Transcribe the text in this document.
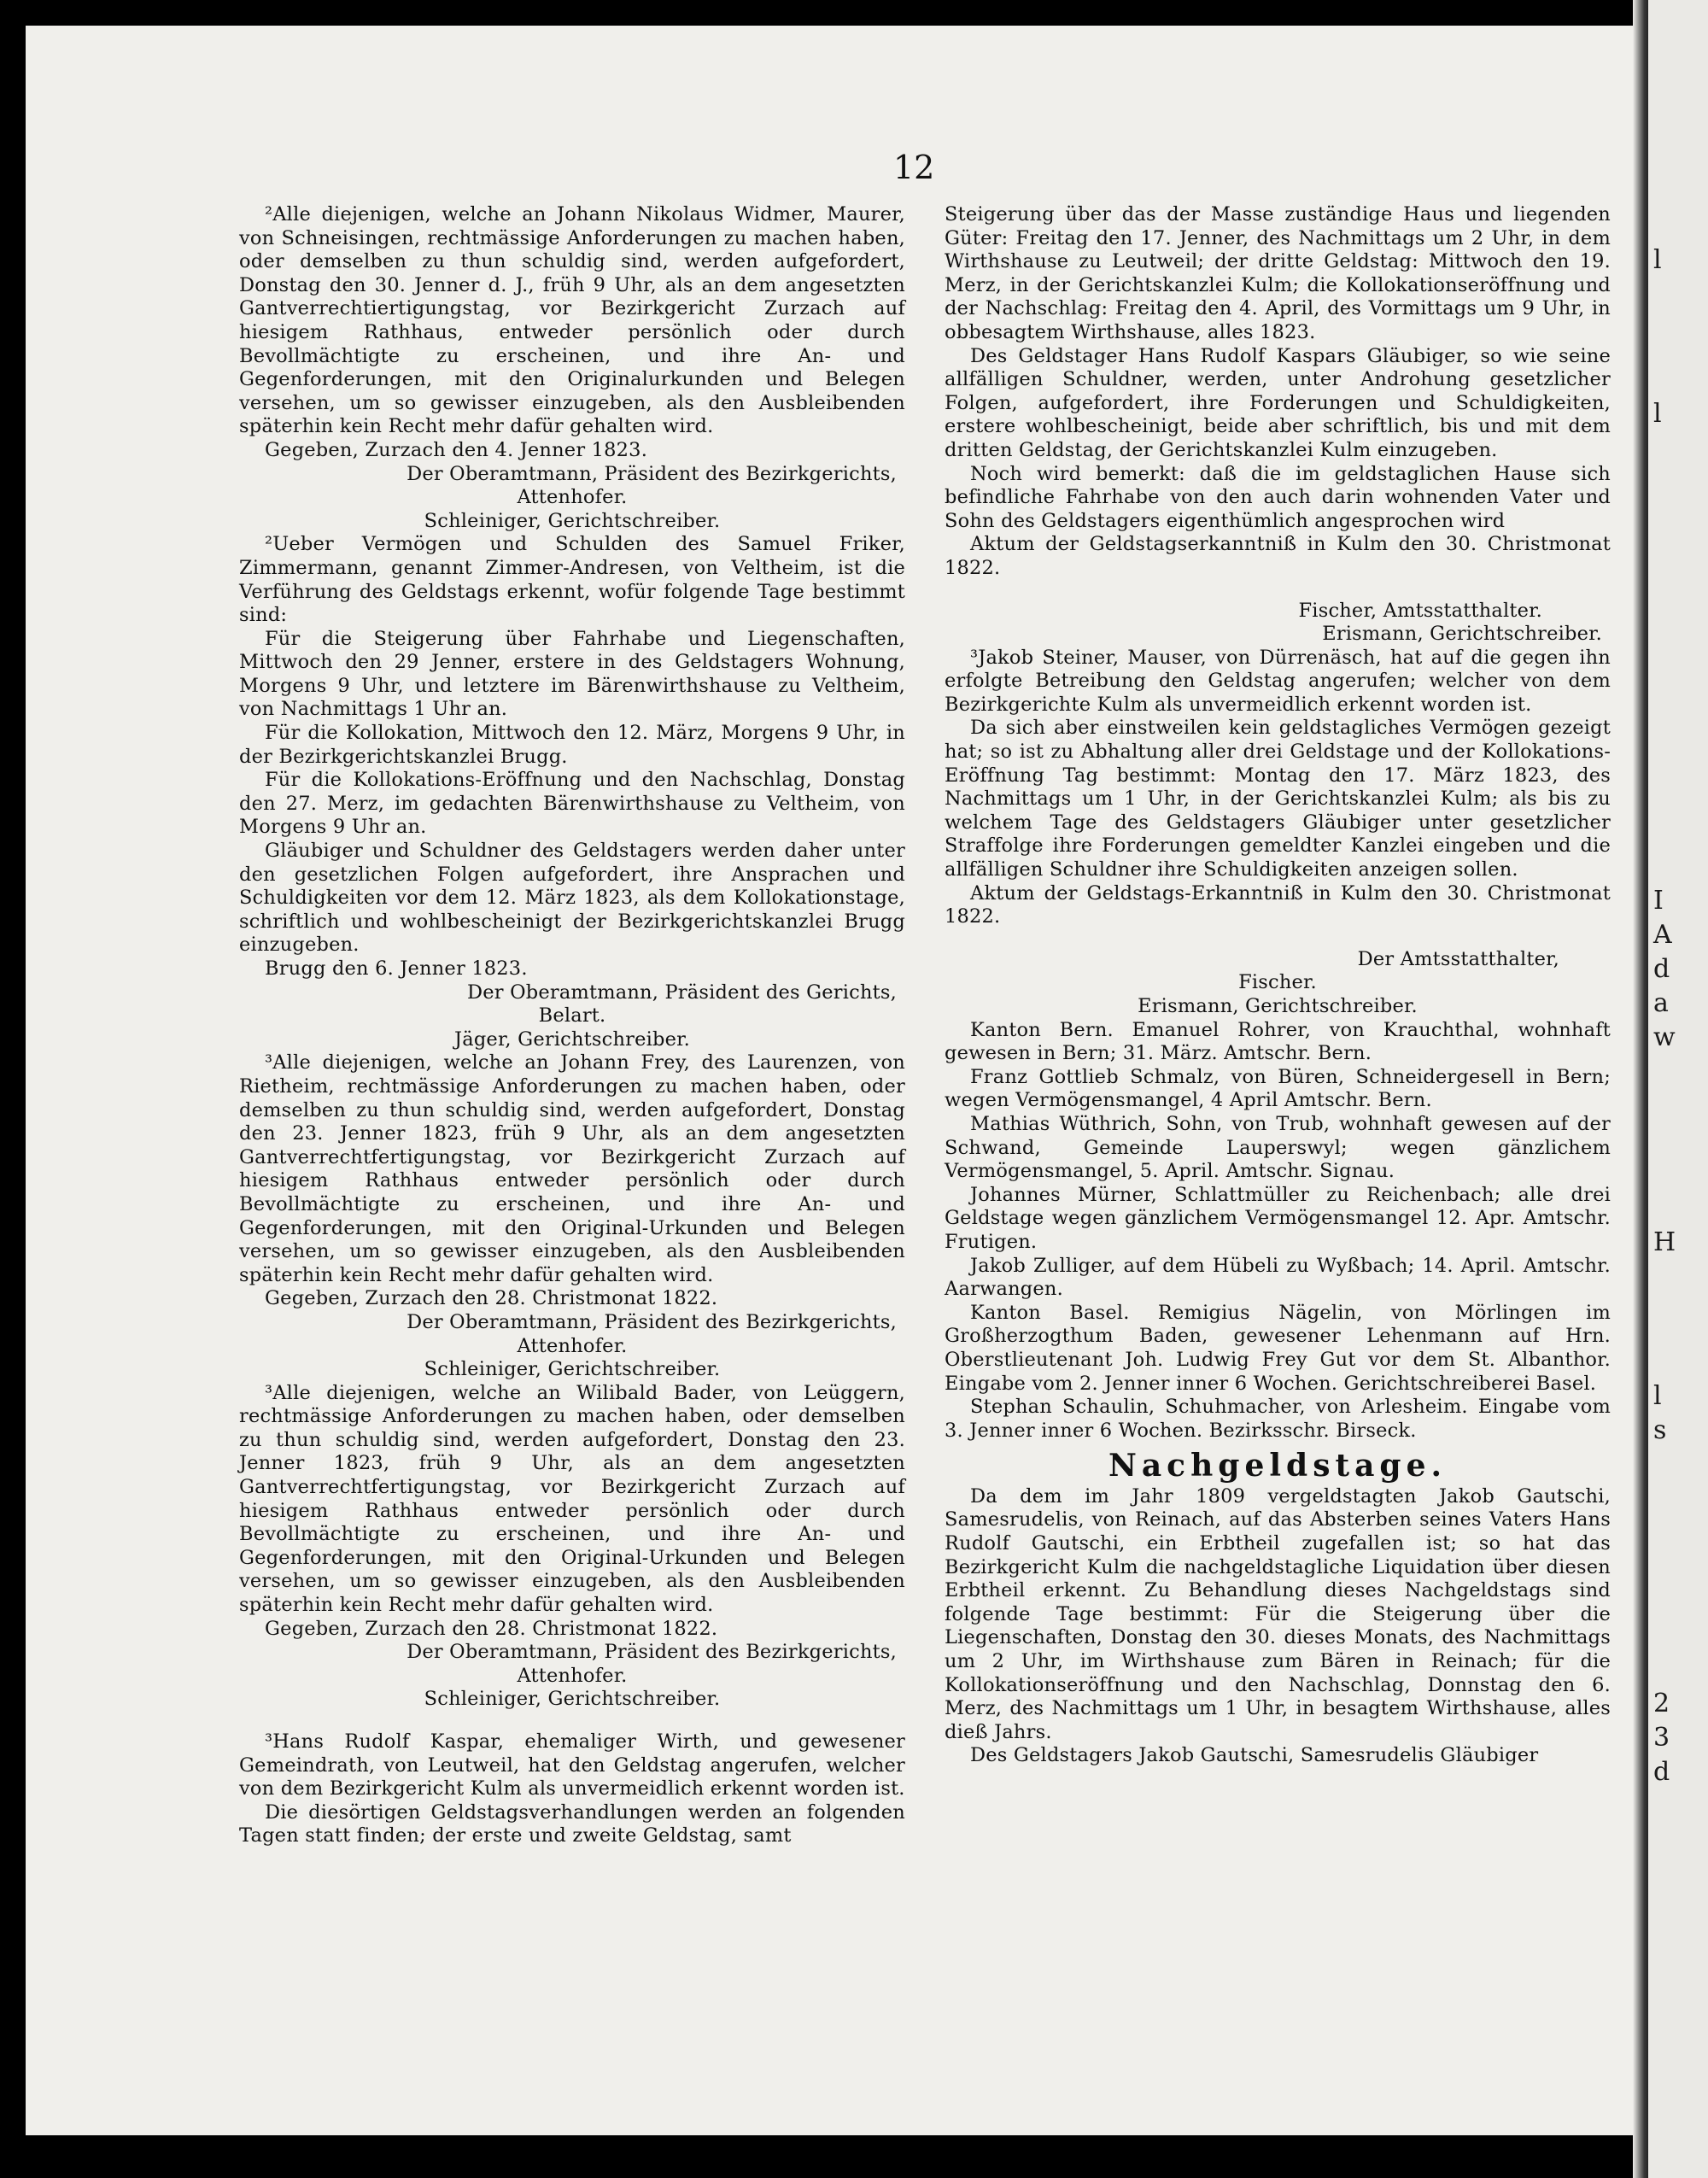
12

²Alle diejenigen, welche an Johann Nikolaus Widmer, Maurer, von Schneisingen, rechtmässige Anforderungen zu machen haben, oder demselben zu thun schuldig sind, werden aufgefordert, Donstag den 30. Jenner d. J., früh 9 Uhr, als an dem angesetzten Gantverrechtiertigungstag, vor Bezirkgericht Zurzach auf hiesigem Rathhaus, entweder persönlich oder durch Bevollmächtigte zu erscheinen, und ihre An- und Gegenforderungen, mit den Originalurkunden und Belegen versehen, um so gewisser einzugeben, als den Ausbleibenden späterhin kein Recht mehr dafür gehalten wird.

Gegeben, Zurzach den 4. Jenner 1823.

Der Oberamtmann, Präsident des Bezirkgerichts,

Attenhofer.

Schleiniger, Gerichtschreiber.

²Ueber Vermögen und Schulden des Samuel Friker, Zimmermann, genannt Zimmer-Andresen, von Veltheim, ist die Verführung des Geldstags erkennt, wofür folgende Tage bestimmt sind:

Für die Steigerung über Fahrhabe und Liegenschaften, Mittwoch den 29 Jenner, erstere in des Geldstagers Wohnung, Morgens 9 Uhr, und letztere im Bärenwirthshause zu Veltheim, von Nachmittags 1 Uhr an.

Für die Kollokation, Mittwoch den 12. März, Morgens 9 Uhr, in der Bezirkgerichtskanzlei Brugg.

Für die Kollokations-Eröffnung und den Nachschlag, Donstag den 27. Merz, im gedachten Bärenwirthshause zu Veltheim, von Morgens 9 Uhr an.

Gläubiger und Schuldner des Geldstagers werden daher unter den gesetzlichen Folgen aufgefordert, ihre Ansprachen und Schuldigkeiten vor dem 12. März 1823, als dem Kollokationstage, schriftlich und wohlbescheinigt der Bezirkgerichtskanzlei Brugg einzugeben.

Brugg den 6. Jenner 1823.

Der Oberamtmann, Präsident des Gerichts,

Belart.

Jäger, Gerichtschreiber.

³Alle diejenigen, welche an Johann Frey, des Laurenzen, von Rietheim, rechtmässige Anforderungen zu machen haben, oder demselben zu thun schuldig sind, werden aufgefordert, Donstag den 23. Jenner 1823, früh 9 Uhr, als an dem angesetzten Gantverrechtfertigungstag, vor Bezirkgericht Zurzach auf hiesigem Rathhaus entweder persönlich oder durch Bevollmächtigte zu erscheinen, und ihre An- und Gegenforderungen, mit den Original-Urkunden und Belegen versehen, um so gewisser einzugeben, als den Ausbleibenden späterhin kein Recht mehr dafür gehalten wird.

Gegeben, Zurzach den 28. Christmonat 1822.

Der Oberamtmann, Präsident des Bezirkgerichts,

Attenhofer.

Schleiniger, Gerichtschreiber.

³Alle diejenigen, welche an Wilibald Bader, von Leüggern, rechtmässige Anforderungen zu machen haben, oder demselben zu thun schuldig sind, werden aufgefordert, Donstag den 23. Jenner 1823, früh 9 Uhr, als an dem angesetzten Gantverrechtfertigungstag, vor Bezirkgericht Zurzach auf hiesigem Rathhaus entweder persönlich oder durch Bevollmächtigte zu erscheinen, und ihre An- und Gegenforderungen, mit den Original-Urkunden und Belegen versehen, um so gewisser einzugeben, als den Ausbleibenden späterhin kein Recht mehr dafür gehalten wird.

Gegeben, Zurzach den 28. Christmonat 1822.

Der Oberamtmann, Präsident des Bezirkgerichts,

Attenhofer.

Schleiniger, Gerichtschreiber.

³Hans Rudolf Kaspar, ehemaliger Wirth, und gewesener Gemeindrath, von Leutweil, hat den Geldstag angerufen, welcher von dem Bezirkgericht Kulm als unvermeidlich erkennt worden ist.

Die diesörtigen Geldstagsverhandlungen werden an folgenden Tagen statt finden; der erste und zweite Geldstag, samt

Steigerung über das der Masse zuständige Haus und liegenden Güter: Freitag den 17. Jenner, des Nachmittags um 2 Uhr, in dem Wirthshause zu Leutweil; der dritte Geldstag: Mittwoch den 19. Merz, in der Gerichtskanzlei Kulm; die Kollokationseröffnung und der Nachschlag: Freitag den 4. April, des Vormittags um 9 Uhr, in obbesagtem Wirthshause, alles 1823.

Des Geldstager Hans Rudolf Kaspars Gläubiger, so wie seine allfälligen Schuldner, werden, unter Androhung gesetzlicher Folgen, aufgefordert, ihre Forderungen und Schuldigkeiten, erstere wohlbescheinigt, beide aber schriftlich, bis und mit dem dritten Geldstag, der Gerichtskanzlei Kulm einzugeben.

Noch wird bemerkt: daß die im geldstaglichen Hause sich befindliche Fahrhabe von den auch darin wohnenden Vater und Sohn des Geldstagers eigenthümlich angesprochen wird

Aktum der Geldstagserkanntniß in Kulm den 30. Christmonat 1822.

Fischer, Amtsstatthalter.

Erismann, Gerichtschreiber.

³Jakob Steiner, Mauser, von Dürrenäsch, hat auf die gegen ihn erfolgte Betreibung den Geldstag angerufen; welcher von dem Bezirkgerichte Kulm als unvermeidlich erkennt worden ist.

Da sich aber einstweilen kein geldstagliches Vermögen gezeigt hat; so ist zu Abhaltung aller drei Geldstage und der Kollokations-Eröffnung Tag bestimmt: Montag den 17. März 1823, des Nachmittags um 1 Uhr, in der Gerichtskanzlei Kulm; als bis zu welchem Tage des Geldstagers Gläubiger unter gesetzlicher Straffolge ihre Forderungen gemeldter Kanzlei eingeben und die allfälligen Schuldner ihre Schuldigkeiten anzeigen sollen.

Aktum der Geldstags-Erkanntniß in Kulm den 30. Christmonat 1822.

Der Amtsstatthalter,

Fischer.

Erismann, Gerichtschreiber.

Kanton Bern. Emanuel Rohrer, von Krauchthal, wohnhaft gewesen in Bern; 31. März. Amtschr. Bern.

Franz Gottlieb Schmalz, von Büren, Schneidergesell in Bern; wegen Vermögensmangel, 4 April Amtschr. Bern.

Mathias Wüthrich, Sohn, von Trub, wohnhaft gewesen auf der Schwand, Gemeinde Lauperswyl; wegen gänzlichem Vermögensmangel, 5. April. Amtschr. Signau.

Johannes Mürner, Schlattmüller zu Reichenbach; alle drei Geldstage wegen gänzlichem Vermögensmangel 12. Apr. Amtschr. Frutigen.

Jakob Zulliger, auf dem Hübeli zu Wyßbach; 14. April. Amtschr. Aarwangen.

Kanton Basel. Remigius Nägelin, von Mörlingen im Großherzogthum Baden, gewesener Lehenmann auf Hrn. Oberstlieutenant Joh. Ludwig Frey Gut vor dem St. Albanthor. Eingabe vom 2. Jenner inner 6 Wochen. Gerichtschreiberei Basel.

Stephan Schaulin, Schuhmacher, von Arlesheim. Eingabe vom 3. Jenner inner 6 Wochen. Bezirksschr. Birseck.

Nachgeldstage.

Da dem im Jahr 1809 vergeldstagten Jakob Gautschi, Samesrudelis, von Reinach, auf das Absterben seines Vaters Hans Rudolf Gautschi, ein Erbtheil zugefallen ist; so hat das Bezirkgericht Kulm die nachgeldstagliche Liquidation über diesen Erbtheil erkennt. Zu Behandlung dieses Nachgeldstags sind folgende Tage bestimmt: Für die Steigerung über die Liegenschaften, Donstag den 30. dieses Monats, des Nachmittags um 2 Uhr, im Wirthshause zum Bären in Reinach; für die Kollokationseröffnung und den Nachschlag, Donnstag den 6. Merz, des Nachmittags um 1 Uhr, in besagtem Wirthshause, alles dieß Jahrs.

Des Geldstagers Jakob Gautschi, Samesrudelis Gläubiger

l
l
I
A
d
a
w
H
l
s
2
3
d
